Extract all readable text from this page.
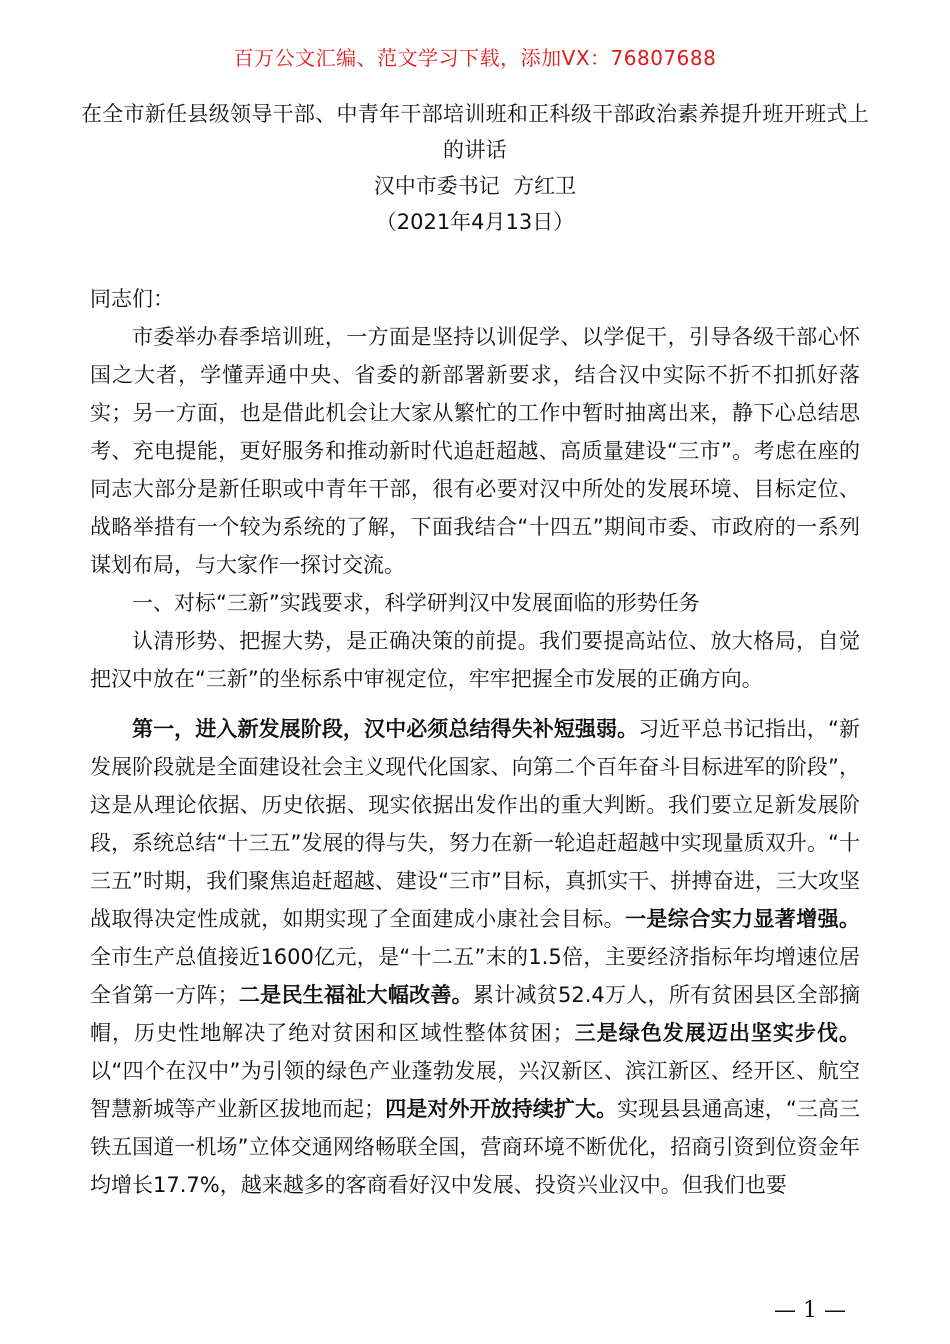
百万公文汇编、范文学习下载，添加VX：76807688
在全市新任县级领导干部、中青年干部培训班和正科级干部政治素养提升班开班式上的讲话
汉中市委书记  方红卫
（2021年4月13日）

同志们：

市委举办春季培训班，一方面是坚持以训促学、以学促干，引导各级干部心怀国之大者，学懂弄通中央、省委的新部署新要求，结合汉中实际不折不扣抓好落实；另一方面，也是借此机会让大家从繁忙的工作中暂时抽离出来，静下心总结思考、充电提能，更好服务和推动新时代追赶超越、高质量建设“三市”。考虑在座的同志大部分是新任职或中青年干部，很有必要对汉中所处的发展环境、目标定位、战略举措有一个较为系统的了解，下面我结合“十四五”期间市委、市政府的一系列谋划布局，与大家作一探讨交流。

一、对标“三新”实践要求，科学研判汉中发展面临的形势任务

认清形势、把握大势，是正确决策的前提。我们要提高站位、放大格局，自觉把汉中放在“三新”的坐标系中审视定位，牢牢把握全市发展的正确方向。

第一，进入新发展阶段，汉中必须总结得失补短强弱。习近平总书记指出，“新发展阶段就是全面建设社会主义现代化国家、向第二个百年奋斗目标进军的阶段”，这是从理论依据、历史依据、现实依据出发作出的重大判断。我们要立足新发展阶段，系统总结“十三五”发展的得与失，努力在新一轮追赶超越中实现量质双升。“十三五”时期，我们聚焦追赶超越、建设“三市”目标，真抓实干、拼搏奋进，三大攻坚战取得决定性成就，如期实现了全面建成小康社会目标。一是综合实力显著增强。全市生产总值接近1600亿元，是“十二五”末的1.5倍，主要经济指标年均增速位居全省第一方阵；二是民生福祉大幅改善。累计减贫52.4万人，所有贫困县区全部摘帽，历史性地解决了绝对贫困和区域性整体贫困；三是绿色发展迈出坚实步伐。以“四个在汉中”为引领的绿色产业蓬勃发展，兴汉新区、滨江新区、经开区、航空智慧新城等产业新区拔地而起；四是对外开放持续扩大。实现县县通高速，“三高三铁五国道一机场”立体交通网络畅联全国，营商环境不断优化，招商引资到位资金年均增长17.7%，越来越多的客商看好汉中发展、投资兴业汉中。但我们也要

— 1 —
